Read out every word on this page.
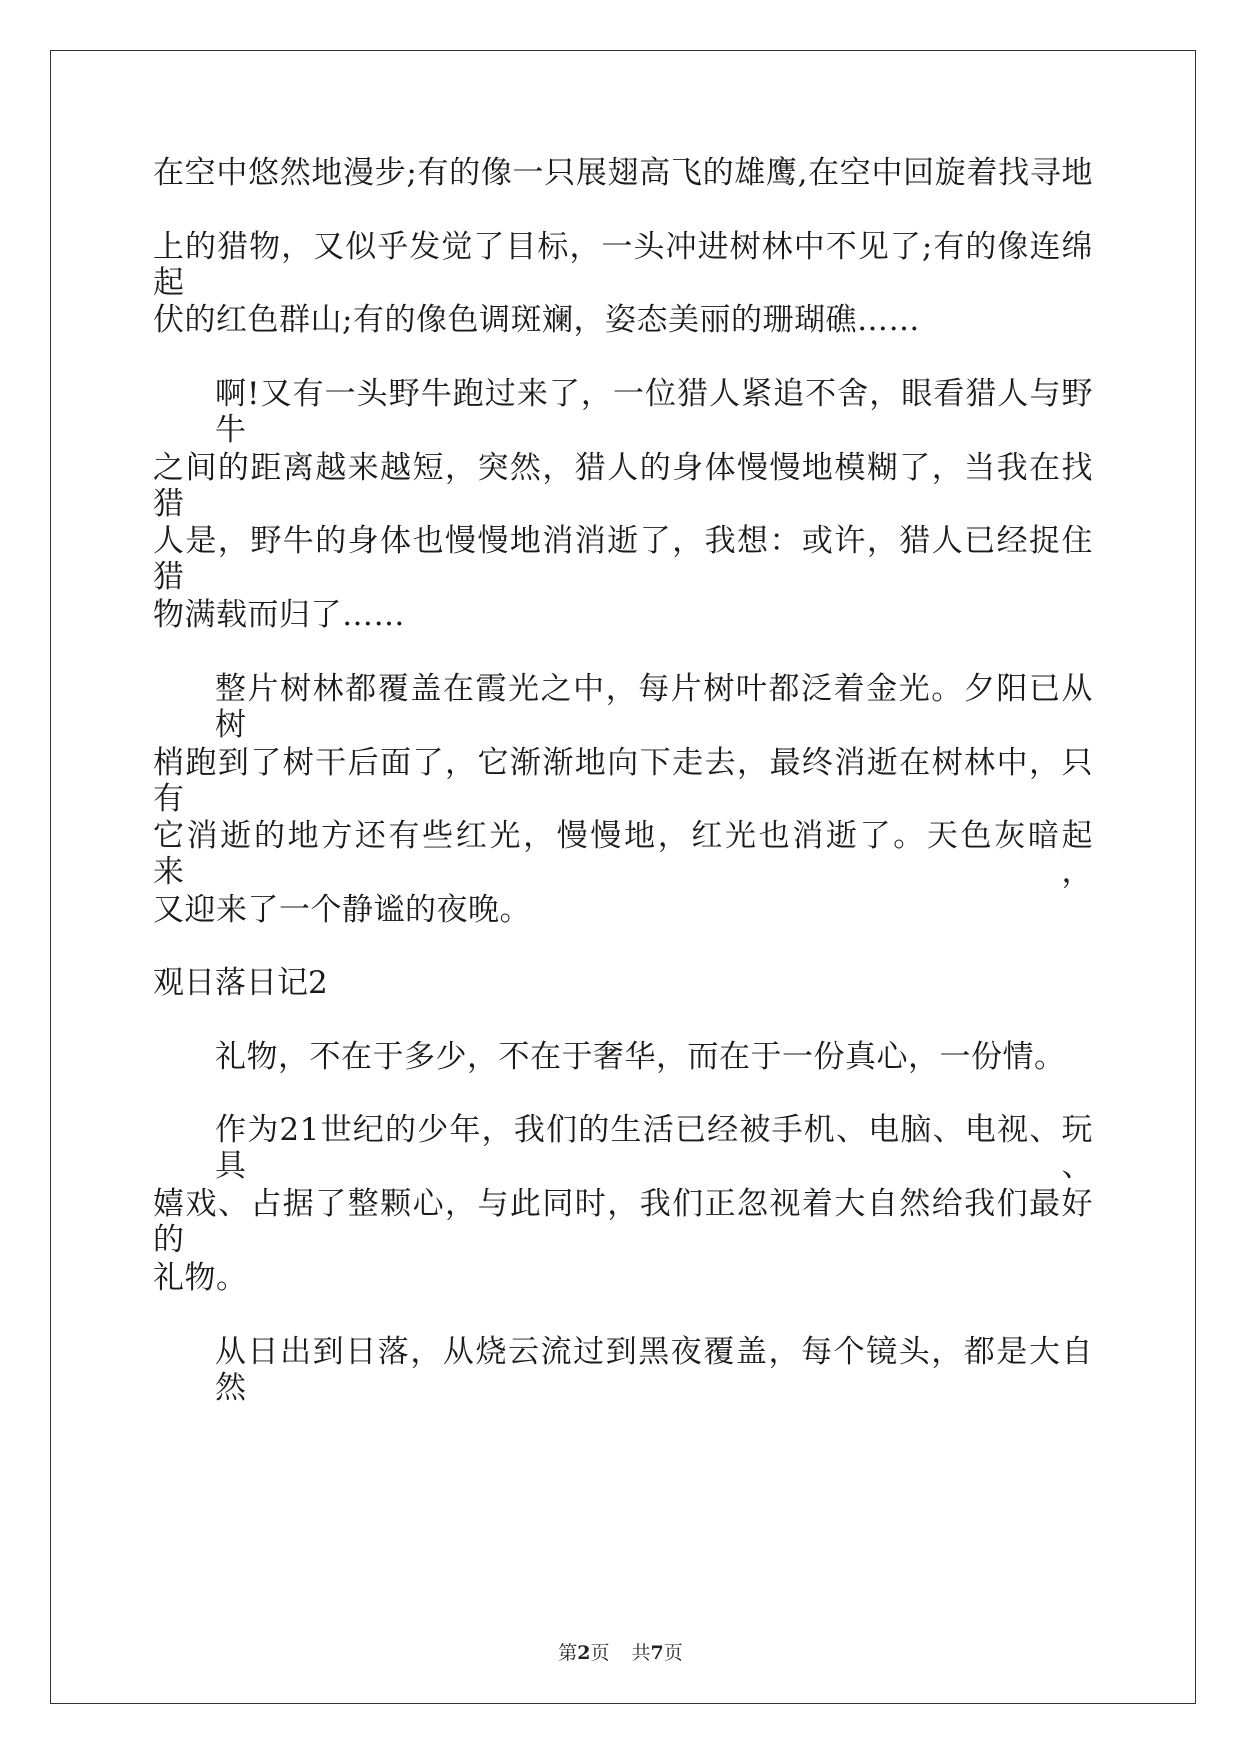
在空中悠然地漫步;有的像一只展翅高飞的雄鹰,在空中回旋着找寻地
上的猎物，又似乎发觉了目标，一头冲进树林中不见了;有的像连绵起
伏的红色群山;有的像色调斑斓，姿态美丽的珊瑚礁……
啊!又有一头野牛跑过来了，一位猎人紧追不舍，眼看猎人与野牛
之间的距离越来越短，突然，猎人的身体慢慢地模糊了，当我在找猎
人是，野牛的身体也慢慢地消消逝了，我想：或许，猎人已经捉住猎
物满载而归了……
整片树林都覆盖在霞光之中，每片树叶都泛着金光。夕阳已从树
梢跑到了树干后面了，它渐渐地向下走去，最终消逝在树林中，只有
它消逝的地方还有些红光，慢慢地，红光也消逝了。天色灰暗起来，
又迎来了一个静谧的夜晚。
观日落日记2
礼物，不在于多少，不在于奢华，而在于一份真心，一份情。
作为21世纪的少年，我们的生活已经被手机、电脑、电视、玩具、
嬉戏、占据了整颗心，与此同时，我们正忽视着大自然给我们最好的
礼物。
从日出到日落，从烧云流过到黑夜覆盖，每个镜头，都是大自然
第2页 共7页
